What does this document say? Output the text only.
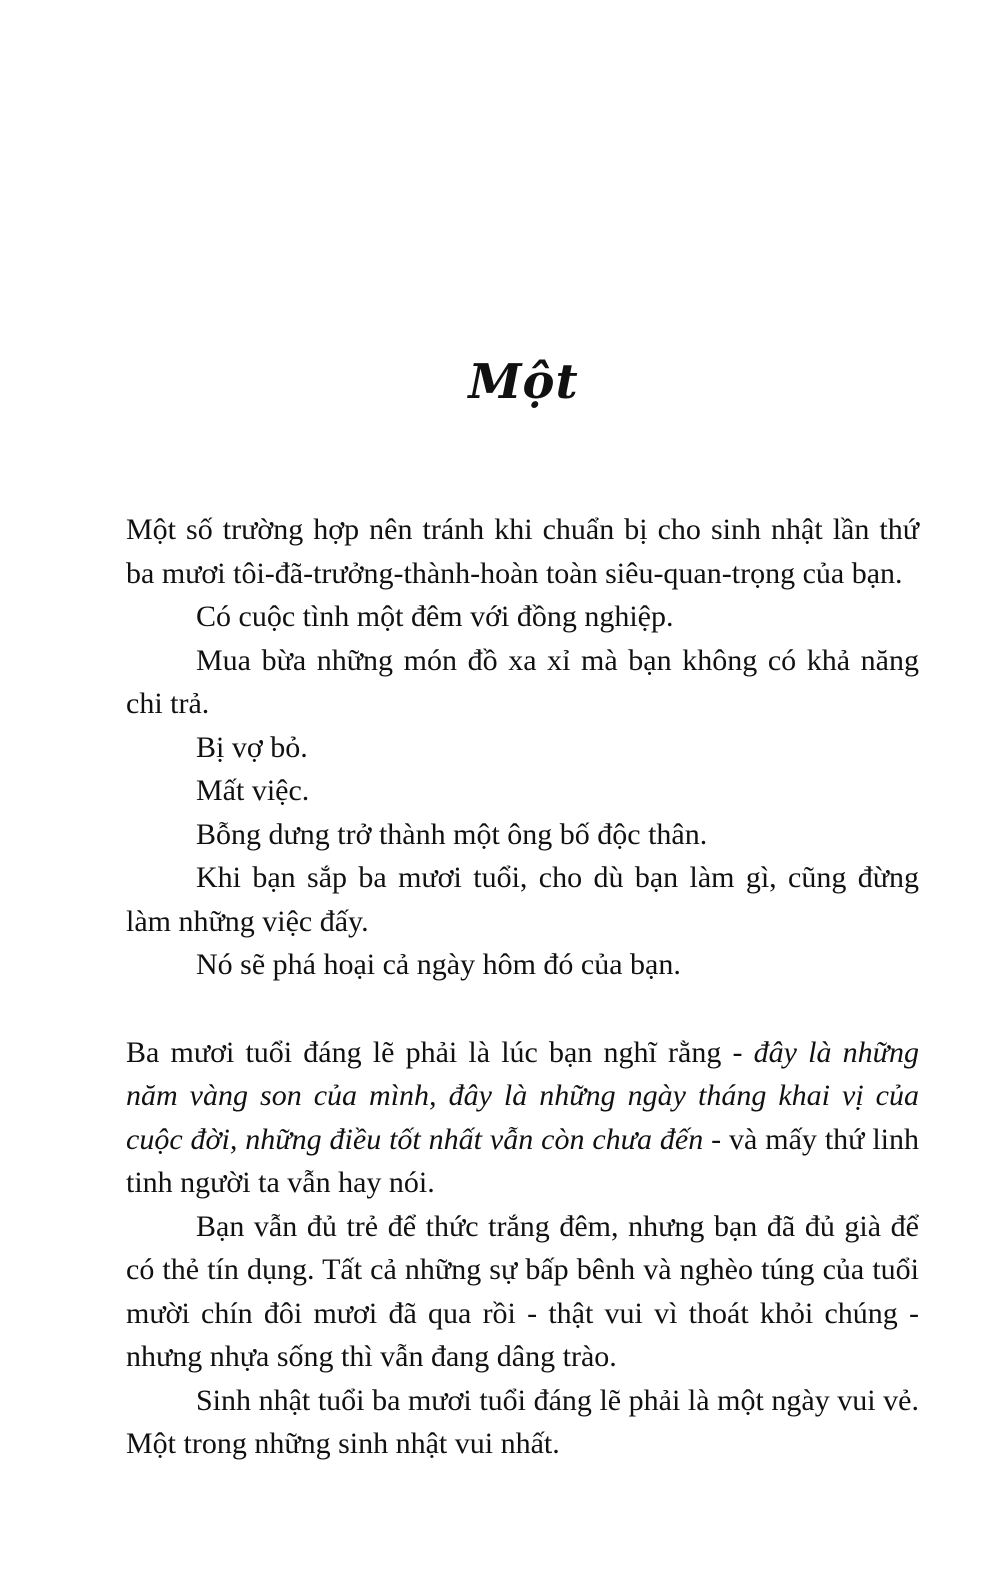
Một

Một số trường hợp nên tránh khi chuẩn bị cho sinh nhật lần thứ ba mươi tôi-đã-trưởng-thành-hoàn toàn siêu-quan-trọng của bạn.

Có cuộc tình một đêm với đồng nghiệp.

Mua bừa những món đồ xa xỉ mà bạn không có khả năng chi trả.

Bị vợ bỏ.

Mất việc.

Bỗng dưng trở thành một ông bố độc thân.

Khi bạn sắp ba mươi tuổi, cho dù bạn làm gì, cũng đừng làm những việc đấy.

Nó sẽ phá hoại cả ngày hôm đó của bạn.

Ba mươi tuổi đáng lẽ phải là lúc bạn nghĩ rằng - đây là những năm vàng son của mình, đây là những ngày tháng khai vị của cuộc đời, những điều tốt nhất vẫn còn chưa đến - và mấy thứ linh tinh người ta vẫn hay nói.

Bạn vẫn đủ trẻ để thức trắng đêm, nhưng bạn đã đủ già để có thẻ tín dụng. Tất cả những sự bấp bênh và nghèo túng của tuổi mười chín đôi mươi đã qua rồi - thật vui vì thoát khỏi chúng - nhưng nhựa sống thì vẫn đang dâng trào.

Sinh nhật tuổi ba mươi tuổi đáng lẽ phải là một ngày vui vẻ. Một trong những sinh nhật vui nhất.
